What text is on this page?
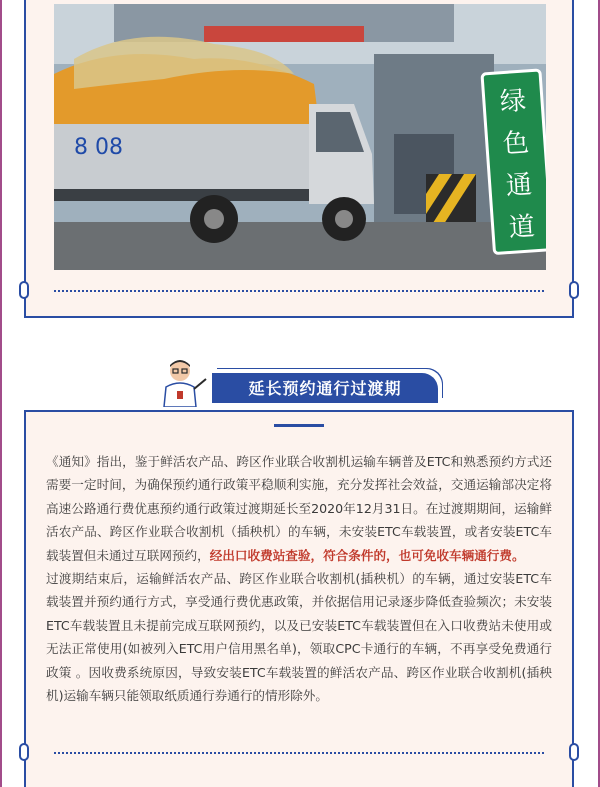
8 08
绿
色
通
道
延长预约通行过渡期

《通知》指出，鉴于鲜活农产品、跨区作业联合收割机运输车辆普及ETC和熟悉预约方式还需要一定时间，为确保预约通行政策平稳顺利实施，充分发挥社会效益，交通运输部决定将高速公路通行费优惠预约通行政策过渡期延长至2020年12月31日。在过渡期期间，运输鲜活农产品、跨区作业联合收割机（插秧机）的车辆，未安装ETC车载装置，或者安装ETC车载装置但未通过互联网预约，经出口收费站查验，符合条件的，也可免收车辆通行费。

过渡期结束后，运输鲜活农产品、跨区作业联合收割机(插秧机）的车辆，通过安装ETC车载装置并预约通行方式，享受通行费优惠政策，并依据信用记录逐步降低查验频次；未安装ETC车载装置且未提前完成互联网预约，以及已安装ETC车载装置但在入口收费站未使用或无法正常使用(如被列入ETC用户信用黑名单)，领取CPC卡通行的车辆，不再享受免费通行政策 。因收费系统原因，导致安装ETC车载装置的鲜活农产品、跨区作业联合收割机(插秧机)运输车辆只能领取纸质通行券通行的情形除外。
